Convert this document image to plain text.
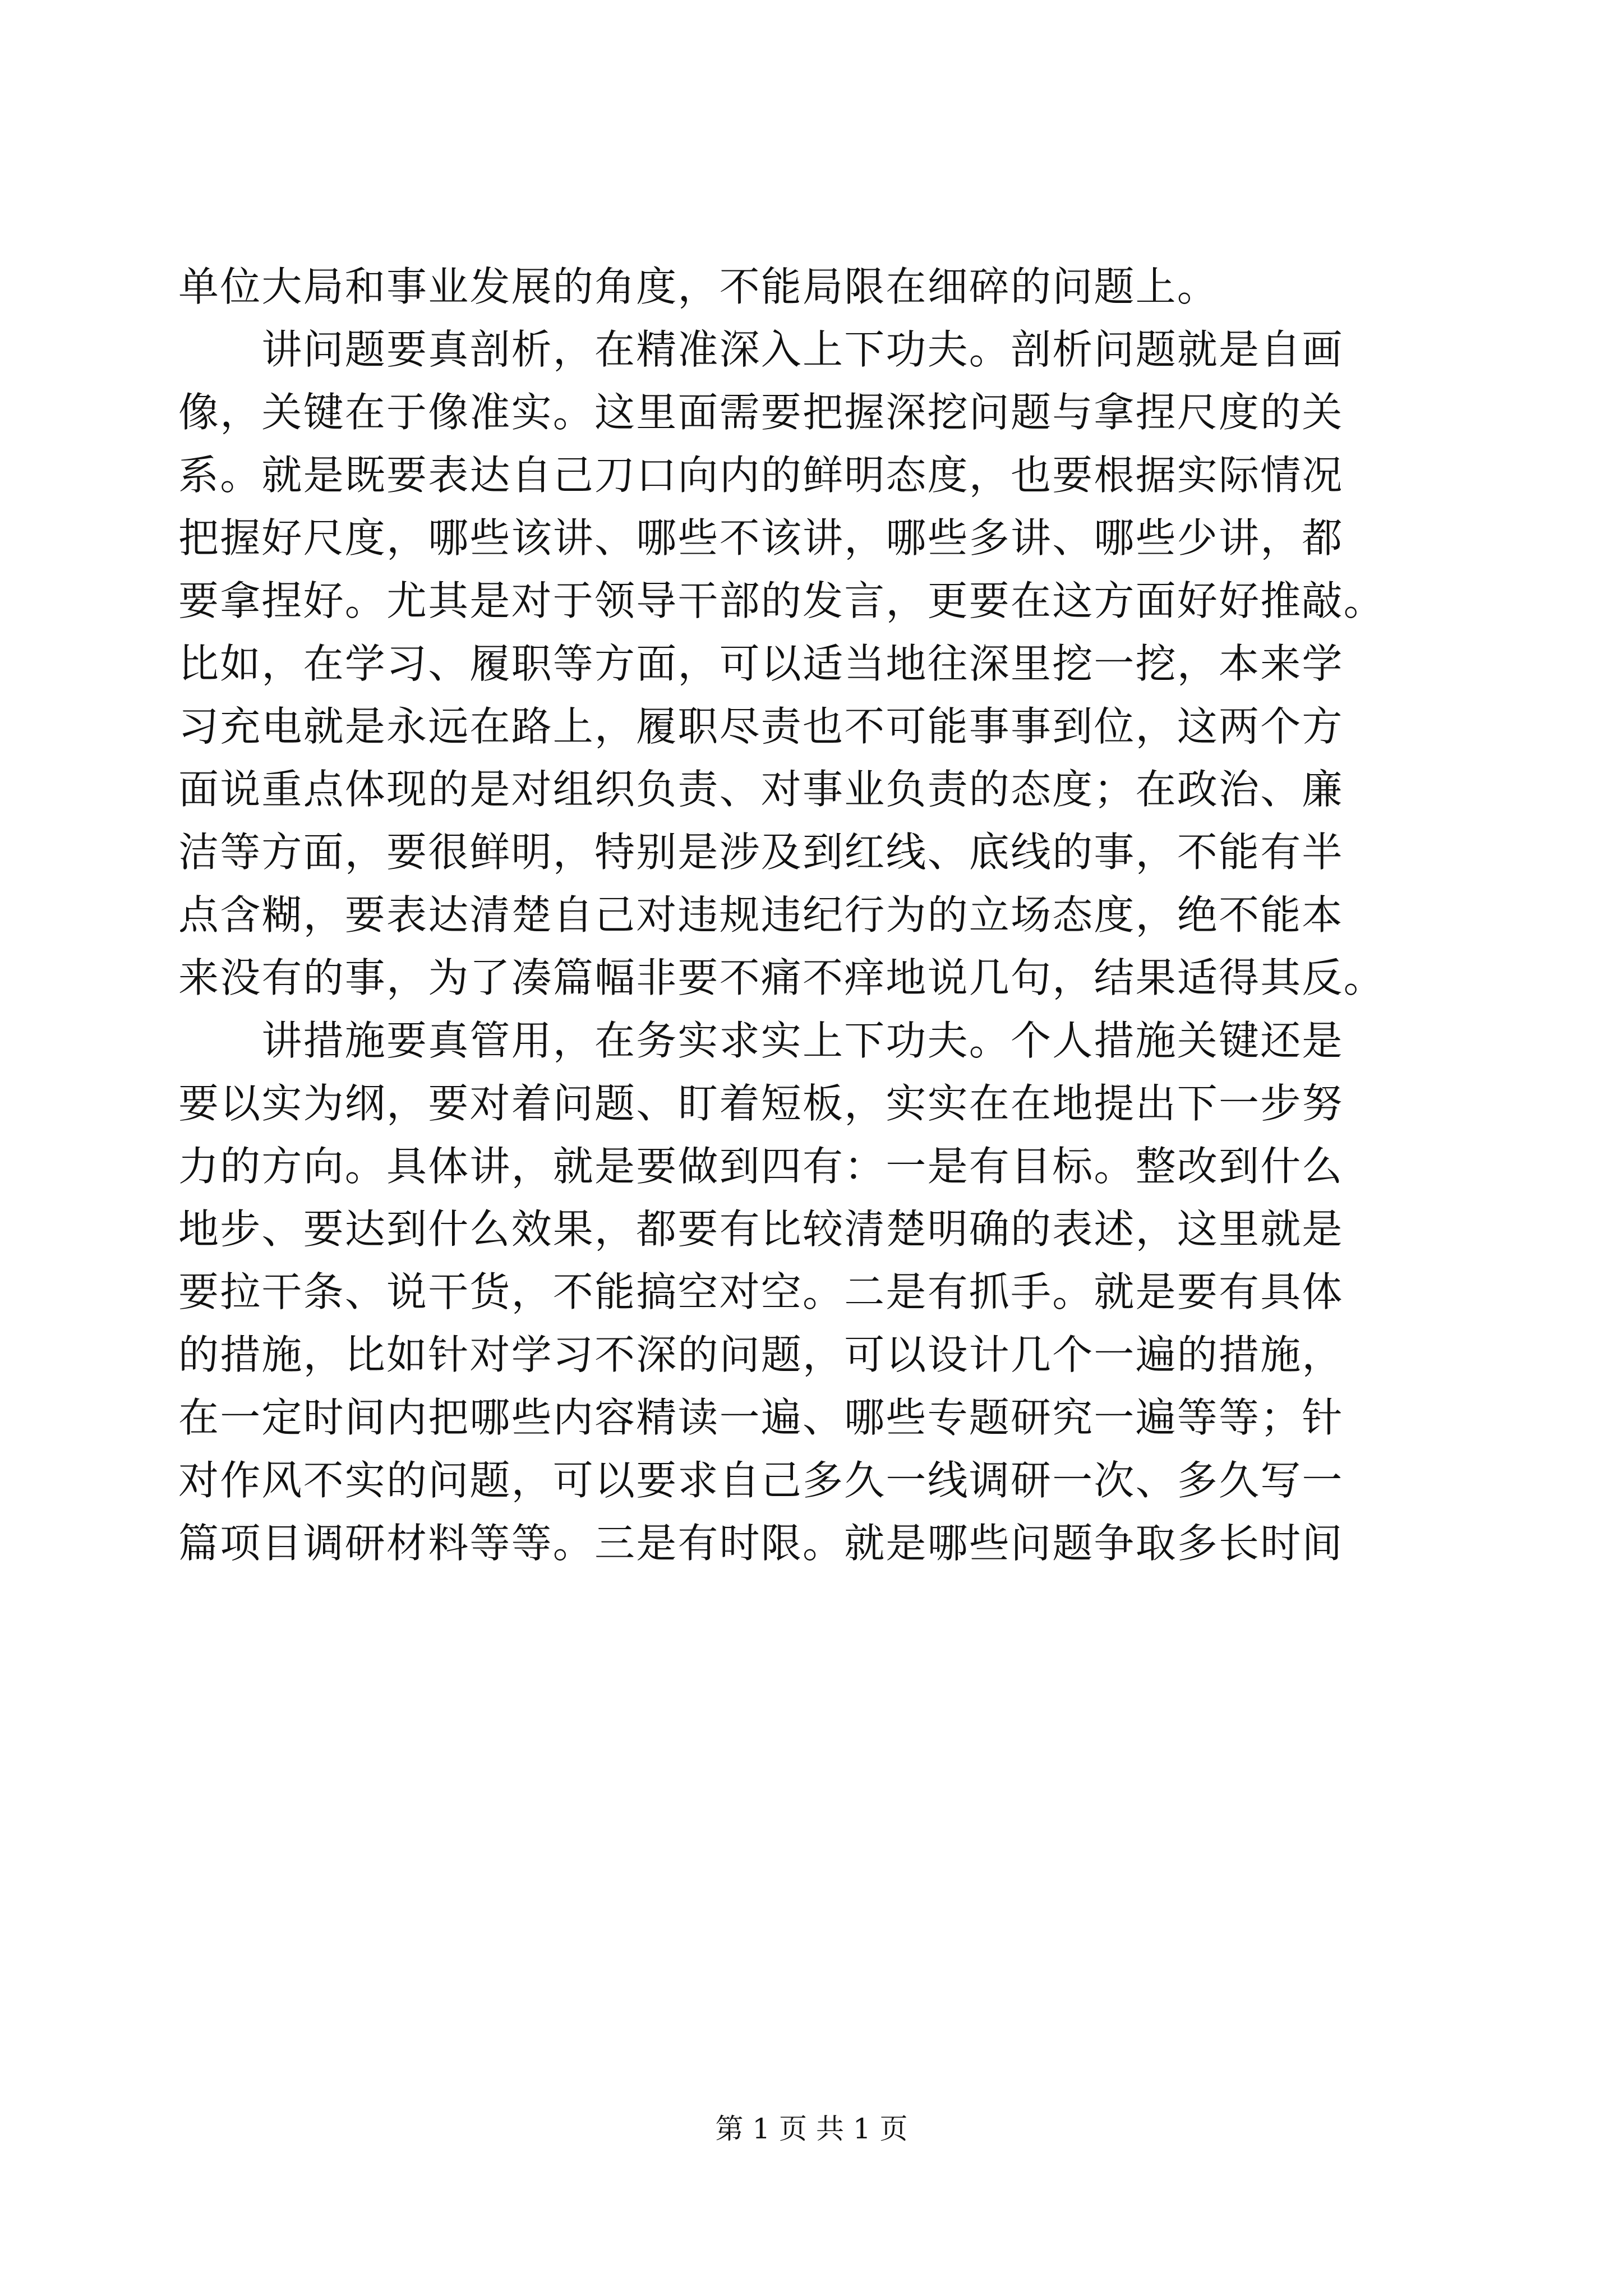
单位大局和事业发展的角度，不能局限在细碎的问题上。

　　讲问题要真剖析，在精准深入上下功夫。剖析问题就是自画

像，关键在于像准实。这里面需要把握深挖问题与拿捏尺度的关

系。就是既要表达自己刀口向内的鲜明态度，也要根据实际情况

把握好尺度，哪些该讲、哪些不该讲，哪些多讲、哪些少讲，都

要拿捏好。尤其是对于领导干部的发言，更要在这方面好好推敲。

比如，在学习、履职等方面，可以适当地往深里挖一挖，本来学

习充电就是永远在路上，履职尽责也不可能事事到位，这两个方

面说重点体现的是对组织负责、对事业负责的态度；在政治、廉

洁等方面，要很鲜明，特别是涉及到红线、底线的事，不能有半

点含糊，要表达清楚自己对违规违纪行为的立场态度，绝不能本

来没有的事，为了凑篇幅非要不痛不痒地说几句，结果适得其反。

　　讲措施要真管用，在务实求实上下功夫。个人措施关键还是

要以实为纲，要对着问题、盯着短板，实实在在地提出下一步努

力的方向。具体讲，就是要做到四有：一是有目标。整改到什么

地步、要达到什么效果，都要有比较清楚明确的表述，这里就是

要拉干条、说干货，不能搞空对空。二是有抓手。就是要有具体

的措施，比如针对学习不深的问题，可以设计几个一遍的措施，

在一定时间内把哪些内容精读一遍、哪些专题研究一遍等等；针

对作风不实的问题，可以要求自己多久一线调研一次、多久写一

篇项目调研材料等等。三是有时限。就是哪些问题争取多长时间

第 1 页 共 1 页
